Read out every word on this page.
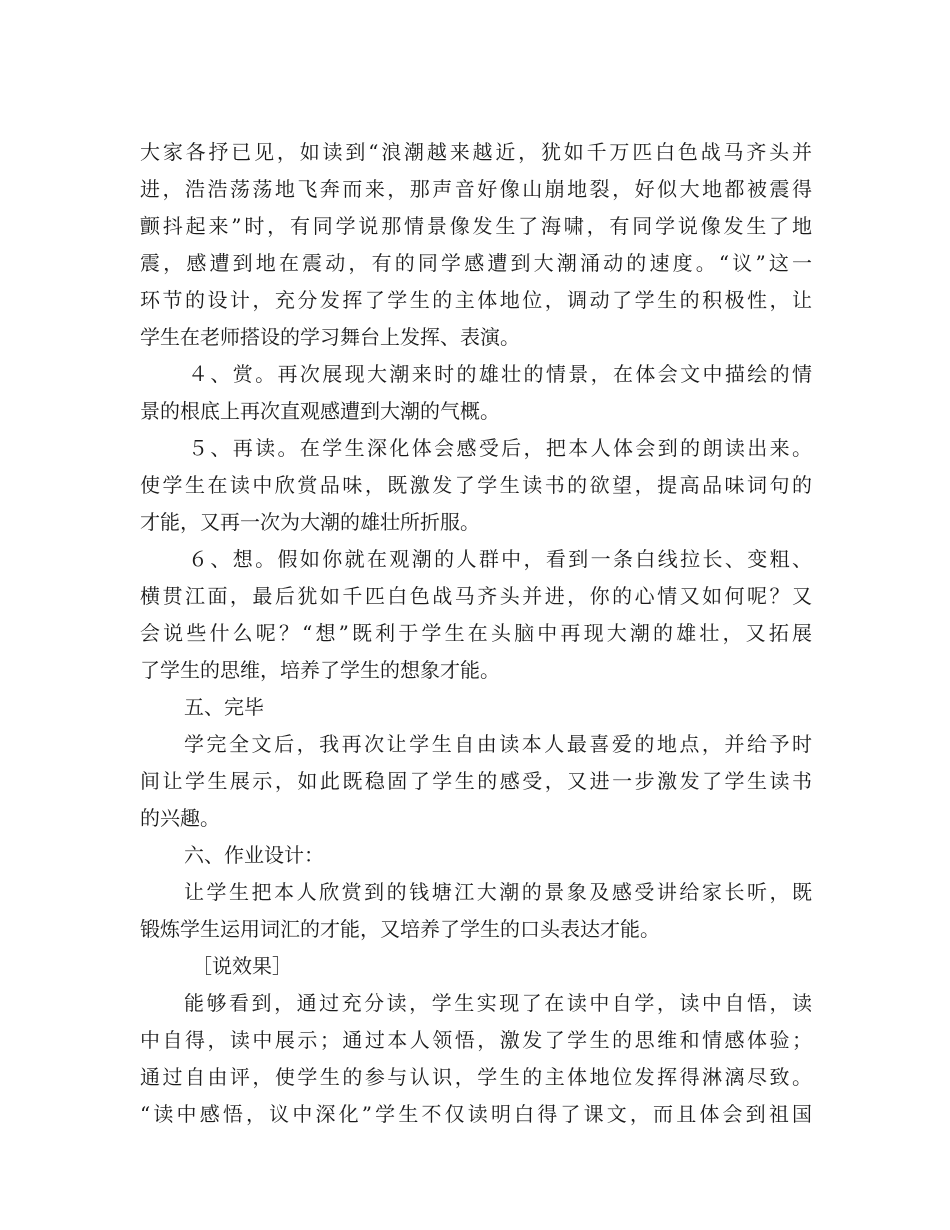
大家各抒已见，如读到“浪潮越来越近，犹如千万匹白色战马齐头并
进，浩浩荡荡地飞奔而来，那声音好像山崩地裂，好似大地都被震得
颤抖起来”时，有同学说那情景像发生了海啸，有同学说像发生了地
震，感遭到地在震动，有的同学感遭到大潮涌动的速度。“议”这一
环节的设计，充分发挥了学生的主体地位，调动了学生的积极性，让
学生在老师搭设的学习舞台上发挥、表演。
４、赏。再次展现大潮来时的雄壮的情景，在体会文中描绘的情
景的根底上再次直观感遭到大潮的气概。
５、再读。在学生深化体会感受后，把本人体会到的朗读出来。
使学生在读中欣赏品味，既激发了学生读书的欲望，提高品味词句的
才能，又再一次为大潮的雄壮所折服。
６、想。假如你就在观潮的人群中，看到一条白线拉长、变粗、
横贯江面，最后犹如千匹白色战马齐头并进，你的心情又如何呢？又
会说些什么呢？“想”既利于学生在头脑中再现大潮的雄壮，又拓展
了学生的思维，培养了学生的想象才能。
五、完毕
学完全文后，我再次让学生自由读本人最喜爱的地点，并给予时
间让学生展示，如此既稳固了学生的感受，又进一步激发了学生读书
的兴趣。
六、作业设计：
让学生把本人欣赏到的钱塘江大潮的景象及感受讲给家长听，既
锻炼学生运用词汇的才能，又培养了学生的口头表达才能。
［说效果］
能够看到，通过充分读，学生实现了在读中自学，读中自悟，读
中自得，读中展示；通过本人领悟，激发了学生的思维和情感体验；
通过自由评，使学生的参与认识，学生的主体地位发挥得淋漓尽致。
“读中感悟，议中深化”学生不仅读明白得了课文，而且体会到祖国
